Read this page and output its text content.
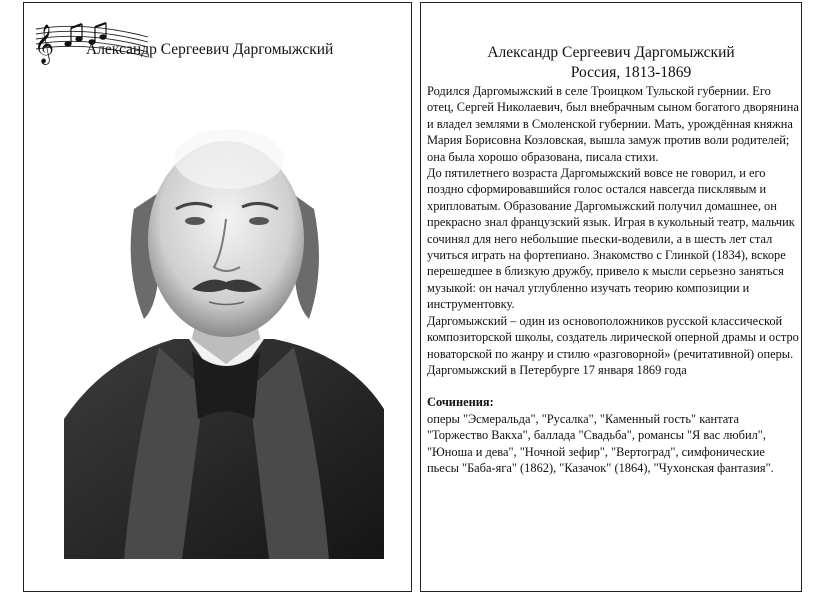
𝄞 Александр Сергеевич Даргомыжский	Александр Сергеевич Даргомыжский
Россия, 1813-1869

Родился Даргомыжский в селе Троицком Тульской губернии. Его отец, Сергей Николаевич, был внебрачным сыном богатого дворянина и владел землями в Смоленской губернии. Мать, урождённая княжна Мария Борисовна Козловская, вышла замуж против воли родителей; она была хорошо образована, писала стихи.

До пятилетнего возраста Даргомыжский вовсе не говорил, и его поздно сформировавшийся голос остался навсегда писклявым и хрипловатым. Образование Даргомыжский получил домашнее, он прекрасно знал французский язык. Играя в кукольный театр, мальчик сочинял для него небольшие пьески-водевили, а в шесть лет стал учиться играть на фортепиано. Знакомство с Глинкой (1834), вскоре перешедшее в близкую дружбу, привело к мысли серьезно заняться музыкой: он начал углубленно изучать теорию композиции и инструментовку.

Даргомыжский – один из основоположников русской классической композиторской школы, создатель лирической оперной драмы и остро новаторской по жанру и стилю «разговорной» (речитативной) оперы.

Даргомыжский в Петербурге 17 января 1869 года

Сочинения:

оперы "Эсмеральда", "Русалка", "Каменный гость" кантата "Торжество Вакха", баллада "Свадьба", романсы "Я вас любил", "Юноша и дева", "Ночной зефир", "Вертоград", симфонические пьесы "Баба-яга" (1862), "Казачок" (1864), "Чухонская фантазия".
